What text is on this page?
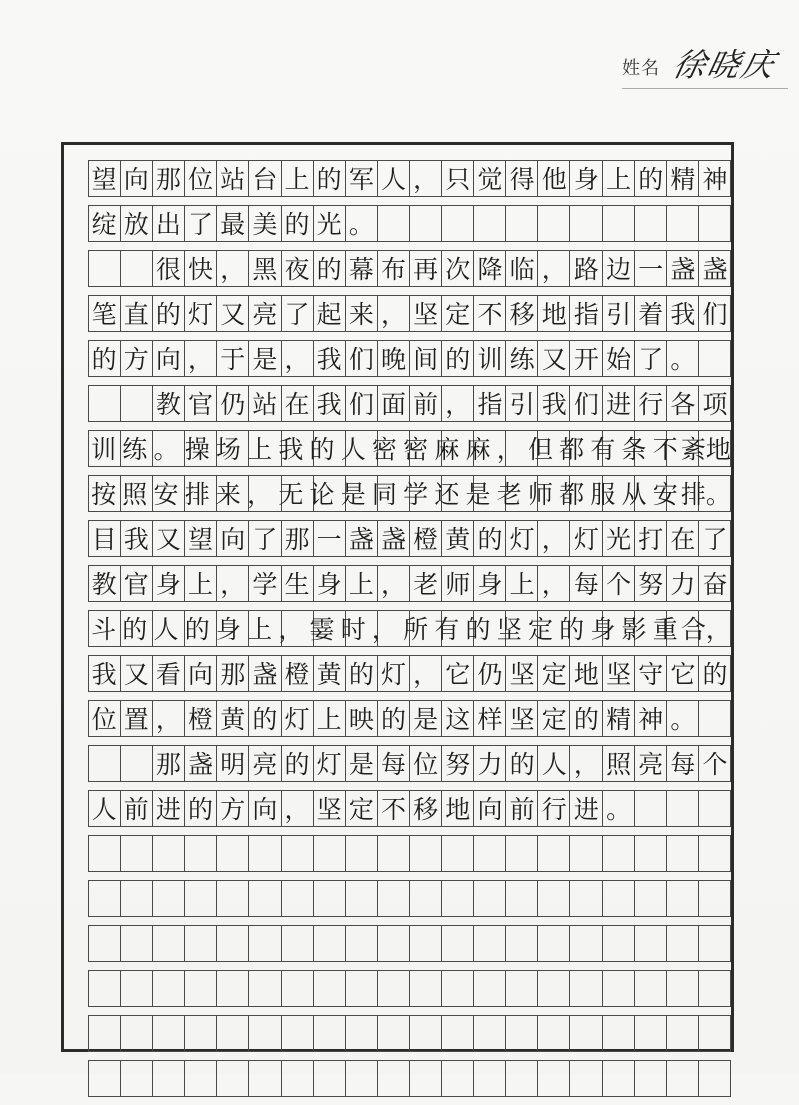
姓名 徐晓庆
望 向 那 位 站 台 上 的 军 人 ， 只 觉 得 他 身 上 的 精 神
绽 放 出 了 最 美 的 光 。

很 快 ， 黑 夜 的 幕 布 再 次 降 临 ， 路 边 一 盏 盏
笔 直 的 灯 又 亮 了 起 来 ， 坚 定 不 移 地 指 引 着 我 们
的 方 向 ， 于 是 ， 我 们 晚 间 的 训 练 又 开 始 了 。

教 官 仍 站 在 我 们 面 前 ， 指 引 我 们 进 行 各 项
训 练 。 操 场 上 我 的 人 密 密 麻 麻 ， 但 都 有 条 不 紊地
按 照 安 排 来 ， 无 论 是 同 学 还 是 老 师 都 服 从 安 排。
目 我 又 望 向 了 那 一 盏 盏 橙 黄 的 灯 ， 灯 光 打 在 了
教 官 身 上 ， 学 生 身 上 ， 老 师 身 上 ， 每 个 努 力 奋
斗 的 人 的 身 上 ， 霎 时 ， 所 有 的 坚 定 的 身 影 重 合，
我 又 看 向 那 盏 橙 黄 的 灯 ， 它 仍 坚 定 地 坚 守 它 的
位 置 ， 橙 黄 的 灯 上 映 的 是 这 样 坚 定 的 精 神 。

那 盏 明 亮 的 灯 是 每 位 努 力 的 人 ， 照 亮 每 个
人 前 进 的 方 向 ， 坚 定 不 移 地 向 前 行 进 。
